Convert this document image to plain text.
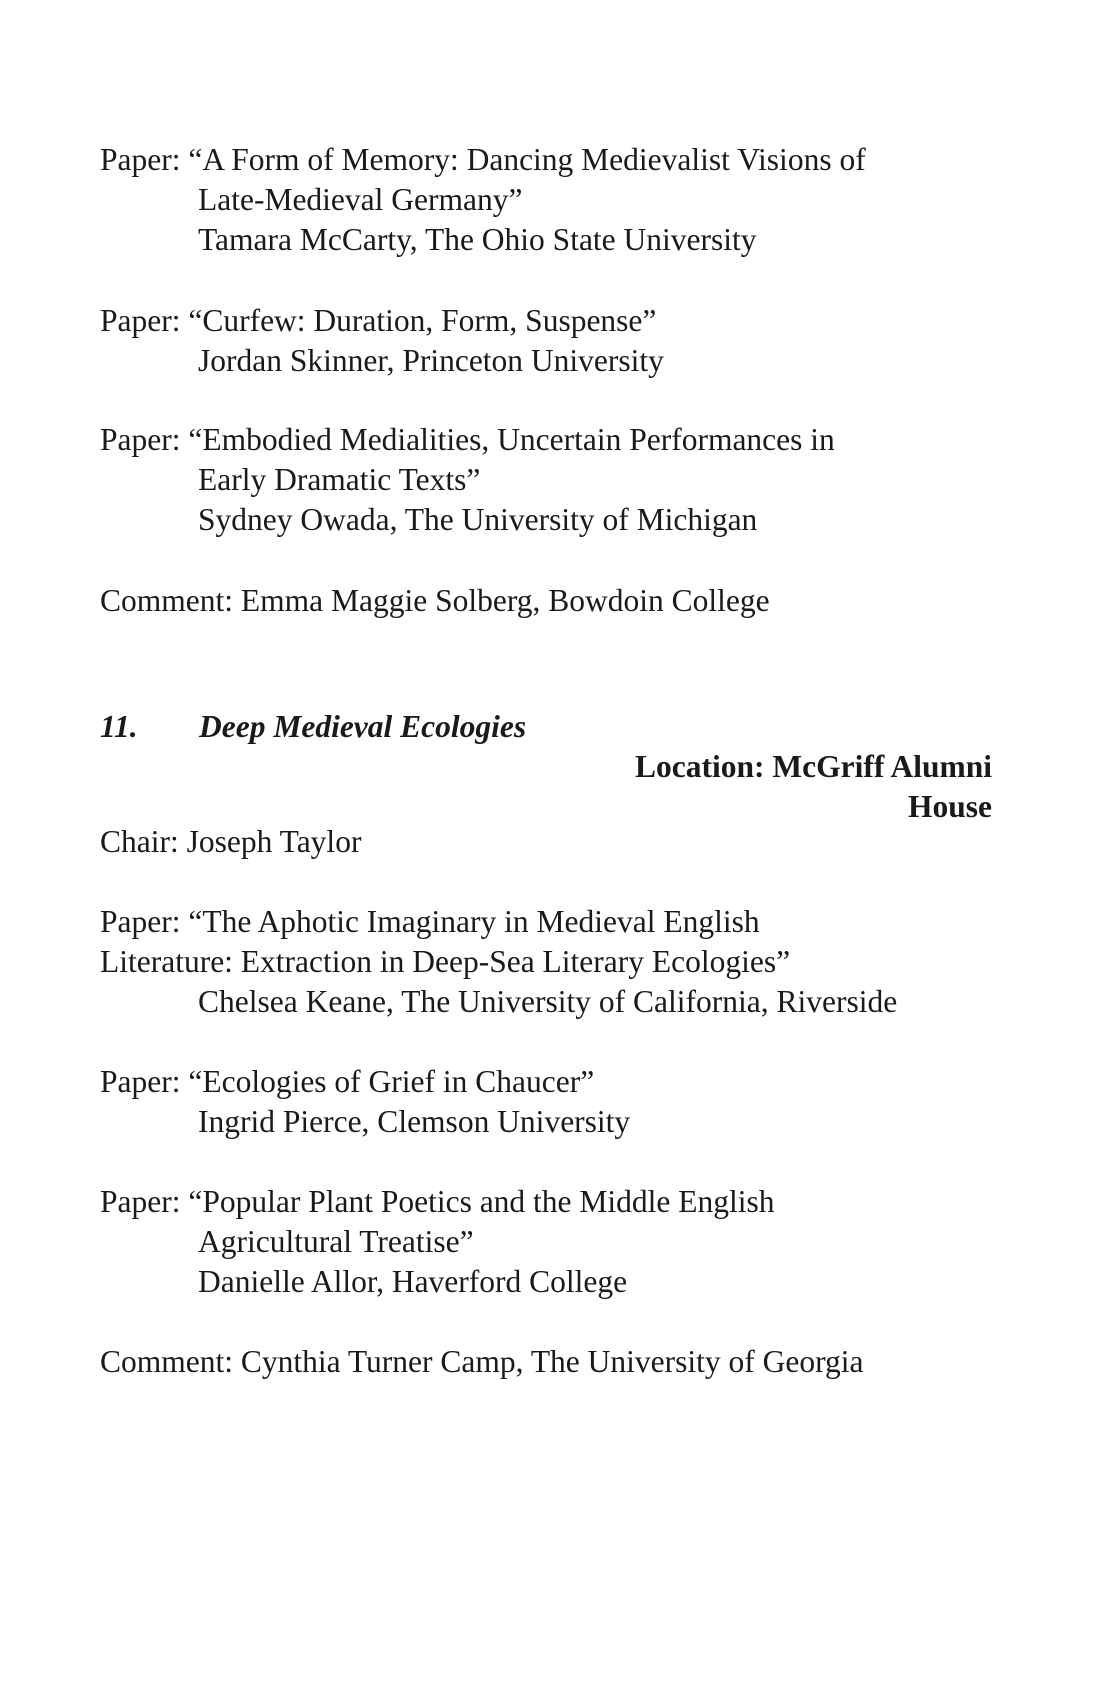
Paper: “A Form of Memory: Dancing Medievalist Visions of
Late-Medieval Germany”
Tamara McCarty, The Ohio State University
Paper: “Curfew: Duration, Form, Suspense”
Jordan Skinner, Princeton University
Paper: “Embodied Medialities, Uncertain Performances in
Early Dramatic Texts”
Sydney Owada, The University of Michigan
Comment: Emma Maggie Solberg, Bowdoin College
11. Deep Medieval Ecologies
Location: McGriff Alumni
House
Chair: Joseph Taylor
Paper: “The Aphotic Imaginary in Medieval English
Literature: Extraction in Deep-Sea Literary Ecologies”
Chelsea Keane, The University of California, Riverside
Paper: “Ecologies of Grief in Chaucer”
Ingrid Pierce, Clemson University
Paper: “Popular Plant Poetics and the Middle English
Agricultural Treatise”
Danielle Allor, Haverford College
Comment: Cynthia Turner Camp, The University of Georgia
